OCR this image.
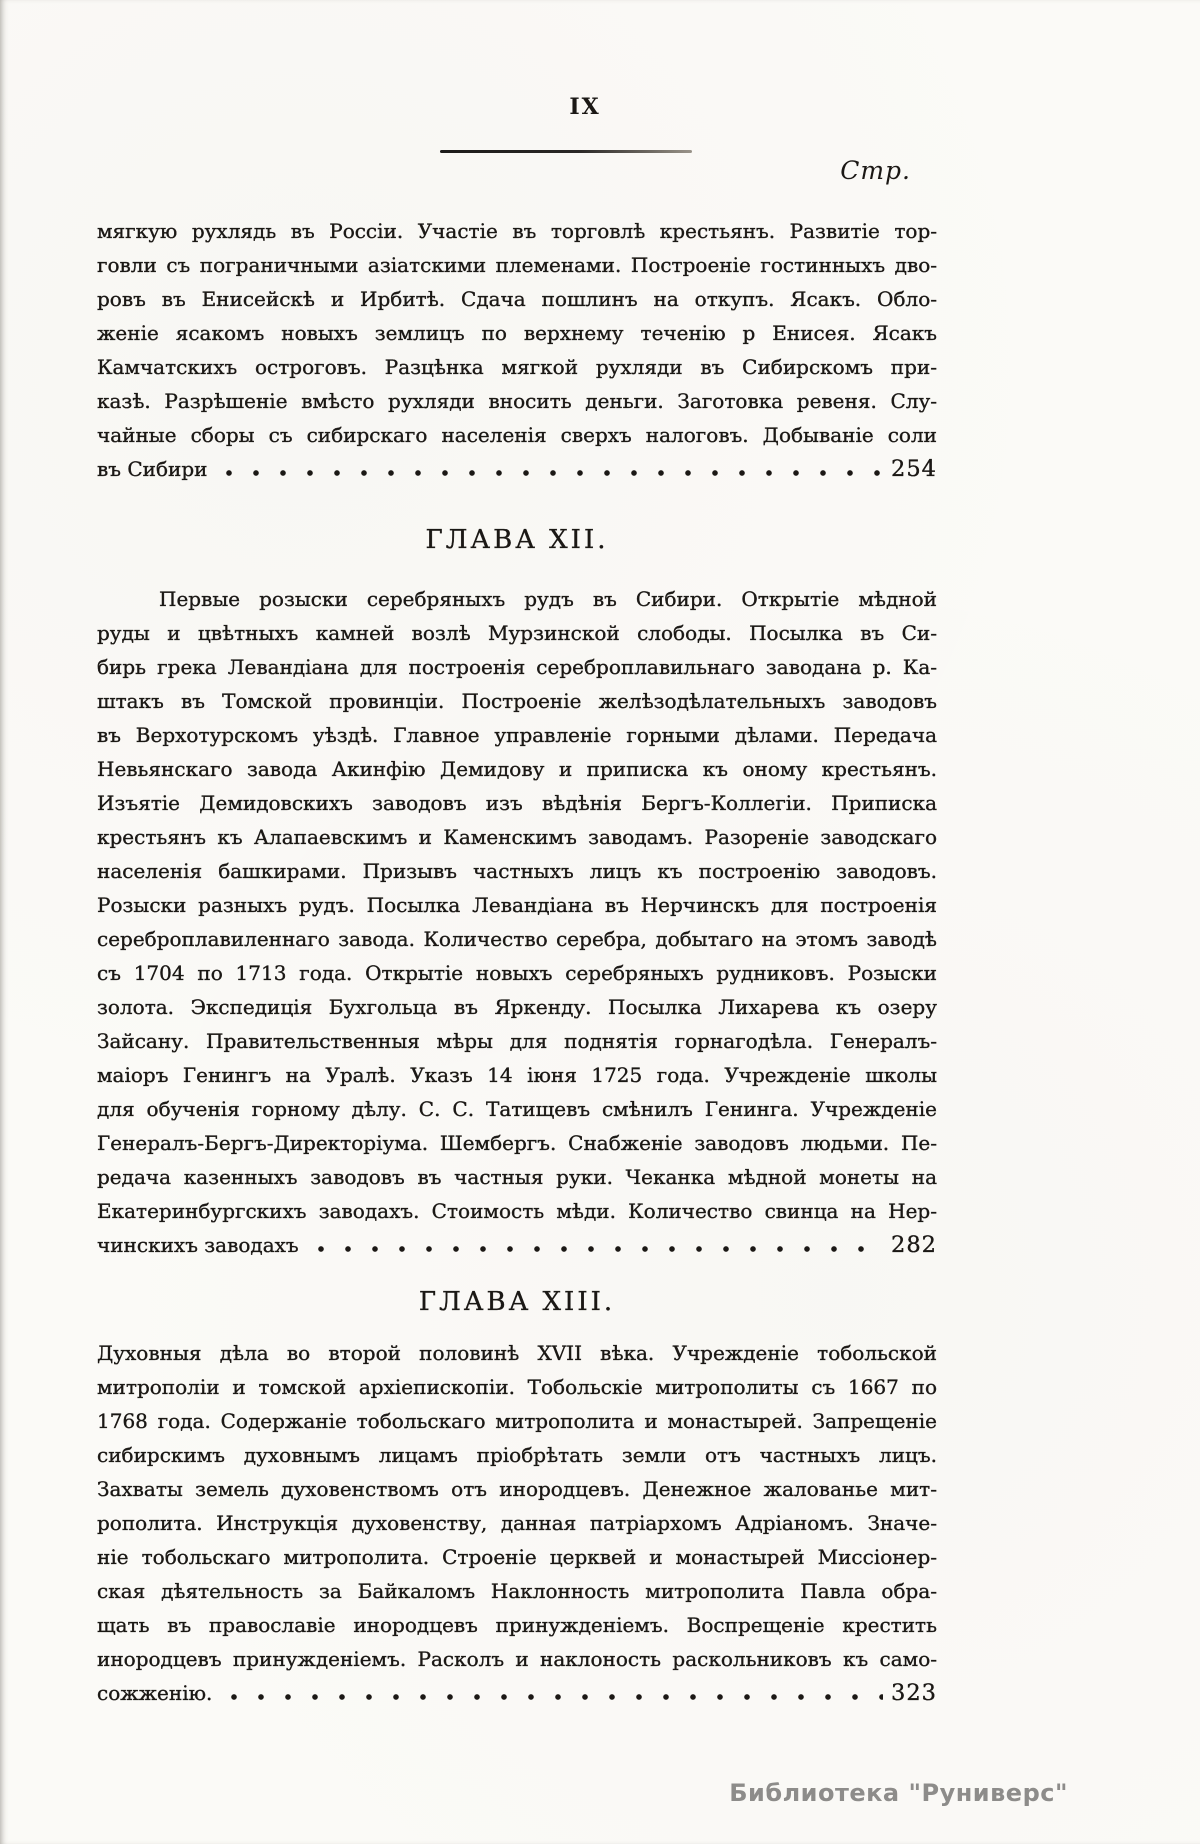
IX
Стр.
мягкую рухлядь въ Россіи. Участіе въ торговлѣ крестьянъ. Развитіе тор-
говли съ пограничными азіатскими племенами. Построеніе гостинныхъ дво-
ровъ въ Енисейскѣ и Ирбитѣ. Сдача пошлинъ на откупъ. Ясакъ. Обло-
женіе ясакомъ новыхъ землицъ по верхнему теченію р Енисея. Ясакъ
Камчатскихъ остроговъ. Разцѣнка мягкой рухляди въ Сибирскомъ при-
казѣ. Разрѣшеніе вмѣсто рухляди вносить деньги. Заготовка ревеня. Слу-
чайные сборы съ сибирскаго населенія сверхъ налоговъ. Добываніе соли
въ Сибири	254
ГЛАВА XII.
Первые розыски серебряныхъ рудъ въ Сибири. Открытіе мѣдной
руды и цвѣтныхъ камней возлѣ Мурзинской слободы. Посылка въ Си-
бирь грека Левандіана для построенія сереброплавильнаго заводана р. Ка-
штакъ въ Томской провинціи. Построеніе желѣзодѣлательныхъ заводовъ
въ Верхотурскомъ уѣздѣ. Главное управленіе горными дѣлами. Передача
Невьянскаго завода Акинфію Демидову и приписка къ оному крестьянъ.
Изъятіе Демидовскихъ заводовъ изъ вѣдѣнія Бергъ-Коллегіи. Приписка
крестьянъ къ Алапаевскимъ и Каменскимъ заводамъ. Разореніе заводскаго
населенія башкирами. Призывъ частныхъ лицъ къ построенію заводовъ.
Розыски разныхъ рудъ. Посылка Левандіана въ Нерчинскъ для построенія
сереброплавиленнаго завода. Количество серебра, добытаго на этомъ заводѣ
съ 1704 по 1713 года. Открытіе новыхъ серебряныхъ рудниковъ. Розыски
золота. Экспедиція Бухгольца въ Яркенду. Посылка Лихарева къ озеру
Зайсану. Правительственныя мѣры для поднятія горнагодѣла. Генералъ-
маіоръ Генингъ на Уралѣ. Указъ 14 іюня 1725 года. Учрежденіе школы
для обученія горному дѣлу. С. С. Татищевъ смѣнилъ Генинга. Учрежденіе
Генералъ-Бергъ-Директоріума. Шембергъ. Снабженіе заводовъ людьми. Пе-
редача казенныхъ заводовъ въ частныя руки. Чеканка мѣдной монеты на
Екатеринбургскихъ заводахъ. Стоимость мѣди. Количество свинца на Нер-
чинскихъ заводахъ	282
ГЛАВА XIII.
Духовныя дѣла во второй половинѣ XVII вѣка. Учрежденіе тобольской
митрополіи и томской архіепископіи. Тобольскіе митрополиты съ 1667 по
1768 года. Содержаніе тобольскаго митрополита и монастырей. Запрещеніе
сибирскимъ духовнымъ лицамъ пріобрѣтать земли отъ частныхъ лицъ.
Захваты земель духовенствомъ отъ инородцевъ. Денежное жалованье мит-
рополита. Инструкція духовенству, данная патріархомъ Адріаномъ. Значе-
ніе тобольскаго митрополита. Строеніе церквей и монастырей Миссіонер-
ская дѣятельность за Байкаломъ Наклонность митрополита Павла обра-
щать въ православіе инородцевъ принужденіемъ. Воспрещеніе крестить
инородцевъ принужденіемъ. Расколъ и наклоность раскольниковъ къ само-
сожженію.	323
Библиотека "Руниверс"
